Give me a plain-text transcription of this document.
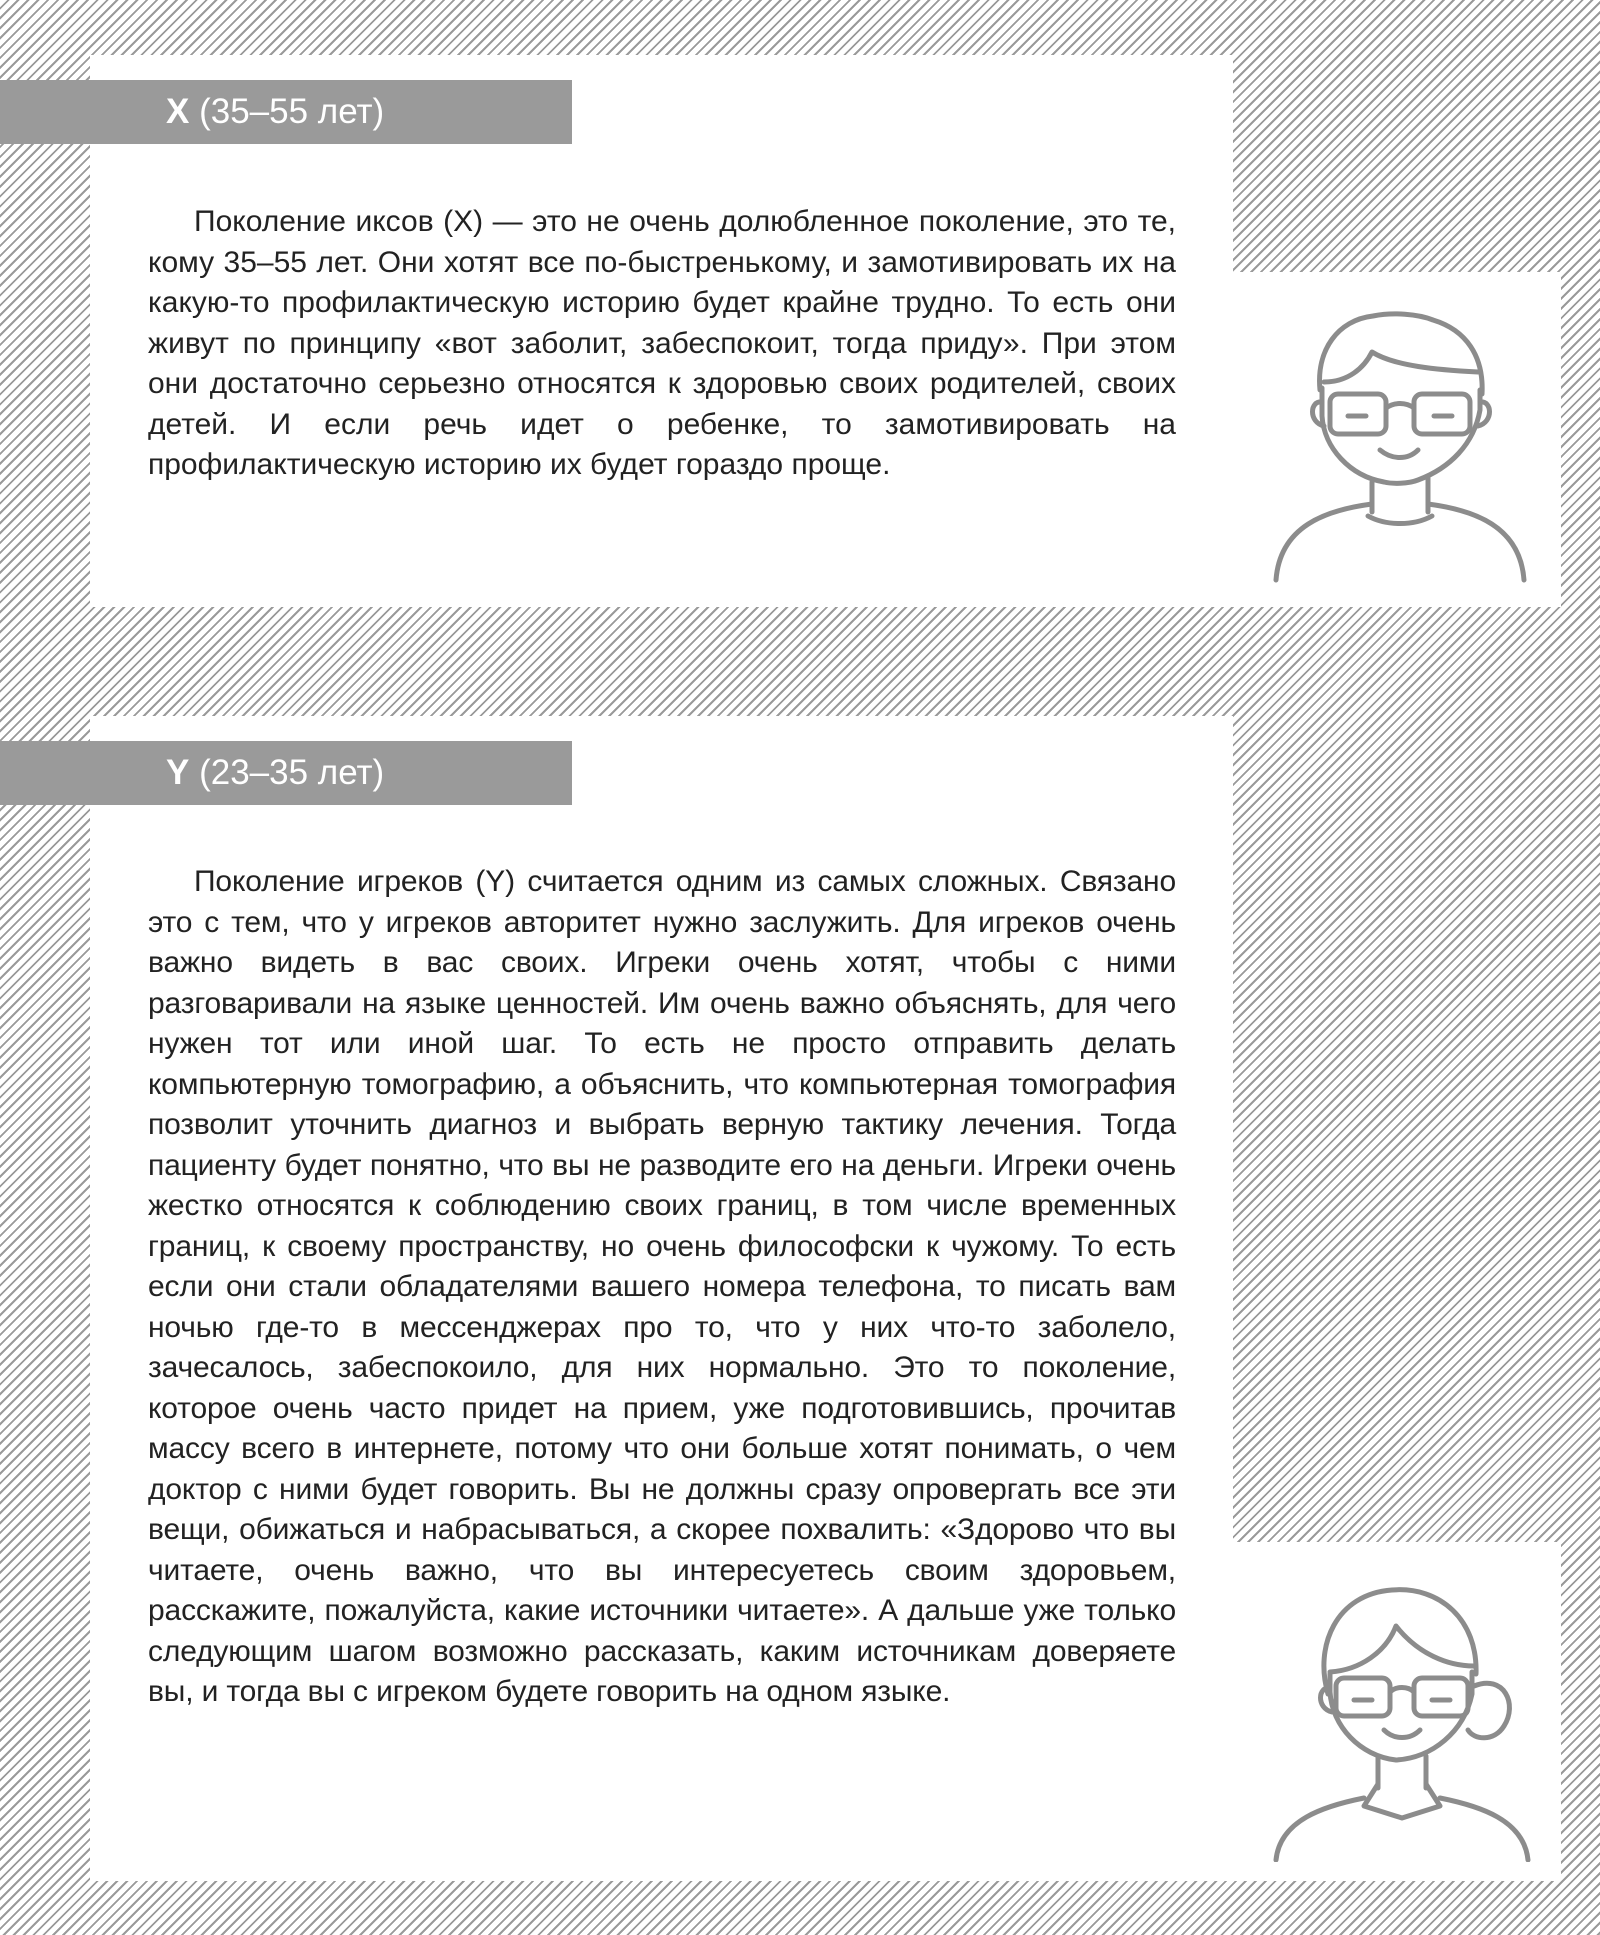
X (35–55 лет)

Поколение иксов (X) — это не очень долюбленное поколение, это те, кому 35–55 лет. Они хотят все по-быстренькому, и замотивировать их на какую-то профилактическую историю будет крайне трудно. То есть они живут по принципу «вот заболит, забеспокоит, тогда приду». При этом они достаточно серьезно относятся к здоровью своих родителей, своих детей. И если речь идет о ребенке, то замотивировать на профилактическую историю их будет гораздо проще.

Y (23–35 лет)

Поколение игреков (Y) считается одним из самых сложных. Связано это с тем, что у игреков авторитет нужно заслужить. Для игреков очень важно видеть в вас своих. Игреки очень хотят, чтобы с ними разговаривали на языке ценностей. Им очень важно объяснять, для чего нужен тот или иной шаг. То есть не просто отправить делать компьютерную томографию, а объяснить, что компьютерная томография позволит уточнить диагноз и выбрать верную тактику лечения. Тогда пациенту будет понятно, что вы не разводите его на деньги. Игреки очень жестко относятся к соблюдению своих границ, в том числе временных границ, к своему пространству, но очень философски к чужому. То есть если они стали обладателями вашего номера телефона, то писать вам ночью где-то в мессенджерах про то, что у них что-то заболело, зачесалось, забеспокоило, для них нормально. Это то поколение, которое очень часто придет на прием, уже подготовившись, прочитав массу всего в интернете, потому что они больше хотят понимать, о чем доктор с ними будет говорить. Вы не должны сразу опровергать все эти вещи, обижаться и набрасываться, а скорее похвалить: «Здорово что вы читаете, очень важно, что вы интересуетесь своим здоровьем, расскажите, пожалуйста, какие источники читаете». А дальше уже только следующим шагом возможно рассказать, каким источникам доверяете вы, и тогда вы с игреком будете говорить на одном языке.
